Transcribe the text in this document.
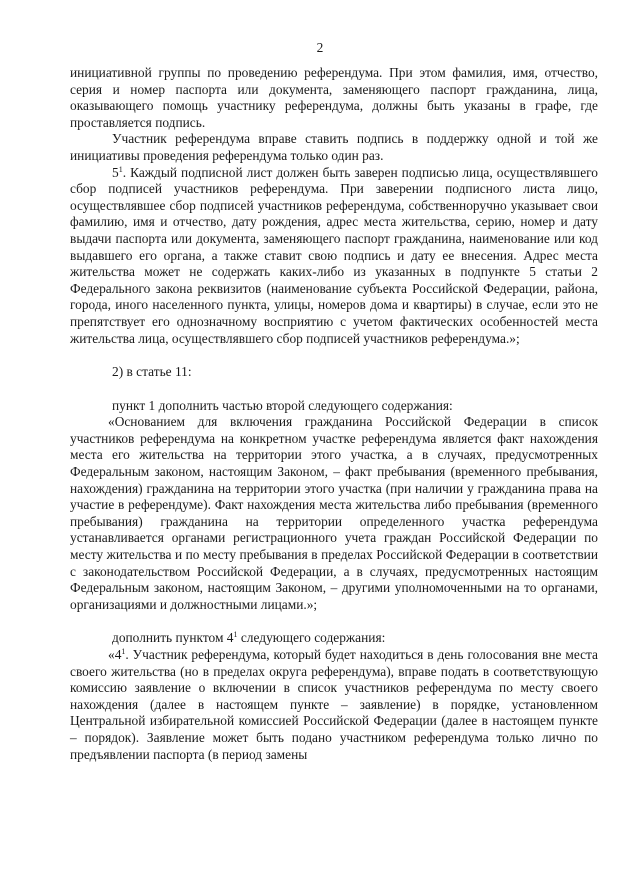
2

инициативной группы по проведению референдума. При этом фамилия, имя, отчество, серия и номер паспорта или документа, заменяющего паспорт гражданина, лица, оказывающего помощь участнику референдума, должны быть указаны в графе, где проставляется подпись.

Участник референдума вправе ставить подпись в поддержку одной и той же инициативы проведения референдума только один раз.

$5^1$. Каждый подписной лист должен быть заверен подписью лица, осуществлявшего сбор подписей участников референдума. При заверении подписного листа лицо, осуществлявшее сбор подписей участников референдума, собственноручно указывает свои фамилию, имя и отчество, дату рождения, адрес места жительства, серию, номер и дату выдачи паспорта или документа, заменяющего паспорт гражданина, наименование или код выдавшего его органа, а также ставит свою подпись и дату ее внесения. Адрес места жительства может не содержать каких-либо из указанных в подпункте 5 статьи 2 Федерального закона реквизитов (наименование субъекта Российской Федерации, района, города, иного населенного пункта, улицы, номеров дома и квартиры) в случае, если это не препятствует его однозначному восприятию с учетом фактических особенностей места жительства лица, осуществлявшего сбор подписей участников референдума.»;

2) в статье 11:

пункт 1 дополнить частью второй следующего содержания:

«Основанием для включения гражданина Российской Федерации в список участников референдума на конкретном участке референдума является факт нахождения места его жительства на территории этого участка, а в случаях, предусмотренных Федеральным законом, настоящим Законом, – факт пребывания (временного пребывания, нахождения) гражданина на территории этого участка (при наличии у гражданина права на участие в референдуме). Факт нахождения места жительства либо пребывания (временного пребывания) гражданина на территории определенного участка референдума устанавливается органами регистрационного учета граждан Российской Федерации по месту жительства и по месту пребывания в пределах Российской Федерации в соответствии с законодательством Российской Федерации, а в случаях, предусмотренных настоящим Федеральным законом, настоящим Законом, – другими уполномоченными на то органами, организациями и должностными лицами.»;

дополнить пунктом $4^1$ следующего содержания:

«$4^1$. Участник референдума, который будет находиться в день голосования вне места своего жительства (но в пределах округа референдума), вправе подать в соответствующую комиссию заявление о включении в список участников референдума по месту своего нахождения (далее в настоящем пункте – заявление) в порядке, установленном Центральной избирательной комиссией Российской Федерации (далее в настоящем пункте – порядок). Заявление может быть подано участником референдума только лично по предъявлении паспорта (в период замены
